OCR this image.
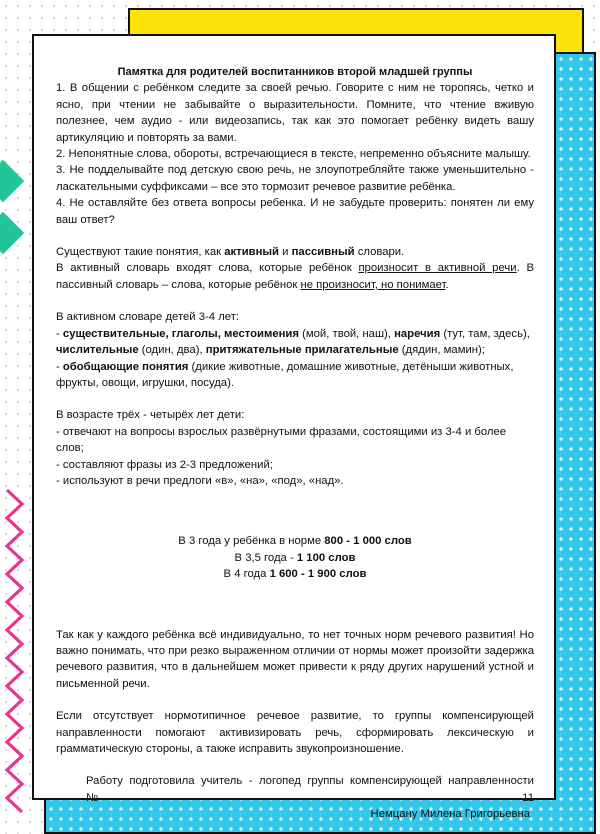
Памятка для родителей воспитанников второй младшей группы

1. В общении с ребёнком следите за своей речью. Говорите с ним не торопясь, четко и ясно, при чтении не забывайте о выразительности. Помните, что чтение вживую полезнее, чем аудио - или видеозапись, так как это помогает ребёнку видеть вашу артикуляцию и повторять за вами.

2. Непонятные слова, обороты, встречающиеся в тексте, непременно объясните малышу.

3. Не подделывайте под детскую свою речь, не злоупотребляйте также уменьшительно - ласкательными суффиксами – все это тормозит речевое развитие ребёнка.

4. Не оставляйте без ответа вопросы ребенка. И не забудьте проверить: понятен ли ему ваш ответ?

Существуют такие понятия, как активный и пассивный словари.

В активный словарь входят слова, которые ребёнок произносит в активной речи. В пассивный словарь – слова, которые ребёнок не произносит, но понимает.

В активном словаре детей 3-4 лет:

- существительные, глаголы, местоимения (мой, твой, наш), наречия (тут, там, здесь),

числительные (один, два), притяжательные прилагательные (дядин, мамин);

- обобщающие понятия (дикие животные, домашние животные, детёныши животных, фрукты, овощи, игрушки, посуда).

В возрасте трёх - четырёх лет дети:

- отвечают на вопросы взрослых развёрнутыми фразами, состоящими из 3-4 и более слов;

- составляют фразы из 2-3 предложений;

- используют в речи предлоги «в», «на», «под», «над».

В 3 года у ребёнка в норме 800 - 1 000 слов

В 3,5 года - 1 100 слов

В 4 года 1 600 - 1 900 слов

Так как у каждого ребёнка всё индивидуально, то нет точных норм речевого развития! Но важно понимать, что при резко выраженном отличии от нормы может произойти задержка речевого развития, что в дальнейшем может привести к ряду других нарушений устной и письменной речи.

Если отсутствует нормотипичное речевое развитие, то группы компенсирующей направленности помогают активизировать речь, сформировать лексическую и грамматическую стороны, а также исправить звукопроизношение.

Работу подготовила учитель - логопед группы компенсирующей направленности №11

Немцану Милена Григорьевна
